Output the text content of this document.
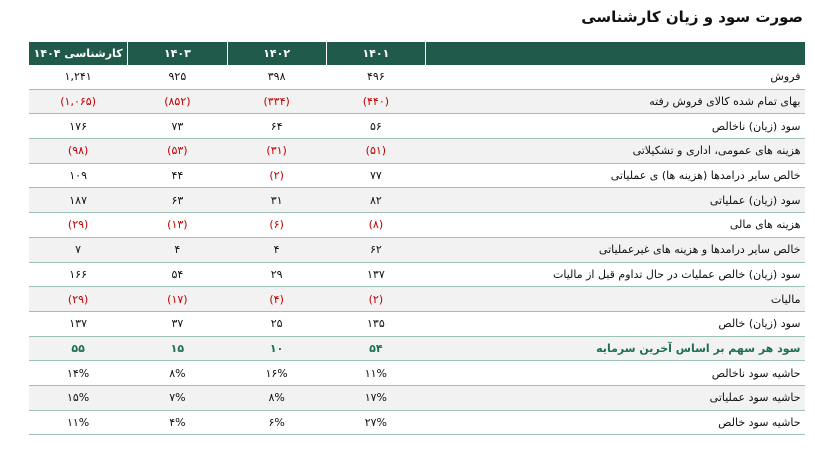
صورت سود و زیان کارشناسی
	۱۴۰۱	۱۴۰۲	۱۴۰۳	کارشناسی ۱۴۰۴
فروش	۴۹۶	۳۹۸	۹۲۵	۱,۲۴۱
بهای تمام شده کالای فروش رفته	(۴۴۰)	(۳۳۴)	(۸۵۲)	(۱,۰۶۵)
سود (زیان) ناخالص	۵۶	۶۴	۷۳	۱۷۶
هزینه های عمومی، اداری و تشکیلاتی	(۵۱)	(۳۱)	(۵۳)	(۹۸)
خالص سایر درامدها (هزینه ها) ی عملیاتی	۷۷	(۲)	۴۴	۱۰۹
سود (زیان) عملیاتی	۸۲	۳۱	۶۳	۱۸۷
هزینه های مالی	(۸)	(۶)	(۱۳)	(۲۹)
خالص سایر درامدها و هزینه های غیرعملیاتی	۶۲	۴	۴	۷
سود (زیان) خالص عملیات در حال تداوم قبل از مالیات	۱۳۷	۲۹	۵۴	۱۶۶
مالیات	(۲)	(۴)	(۱۷)	(۲۹)
سود (زیان) خالص	۱۳۵	۲۵	۳۷	۱۳۷
سود هر سهم بر اساس آخرین سرمایه	۵۴	۱۰	۱۵	۵۵
حاشیه سود ناخالص	۱۱%	۱۶%	۸%	۱۴%
حاشیه سود عملیاتی	۱۷%	۸%	۷%	۱۵%
حاشیه سود خالص	۲۷%	۶%	۴%	۱۱%
